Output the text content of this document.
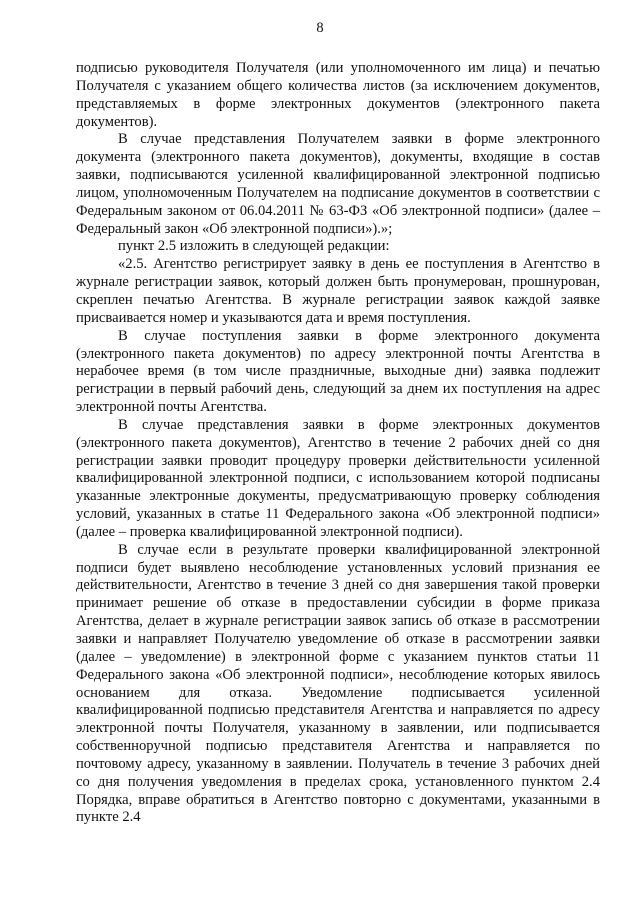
8

подписью руководителя Получателя (или уполномоченного им лица) и печатью Получателя с указанием общего количества листов (за исключением документов, представляемых в форме электронных документов (электронного пакета документов).

В случае представления Получателем заявки в форме электронного документа (электронного пакета документов), документы, входящие в состав заявки, подписываются усиленной квалифицированной электронной подписью лицом, уполномоченным Получателем на подписание документов в соответствии с Федеральным законом от 06.04.2011 № 63-ФЗ «Об электронной подписи» (далее – Федеральный закон «Об электронной подписи»).»;

пункт 2.5 изложить в следующей редакции:

«2.5. Агентство регистрирует заявку в день ее поступления в Агентство в журнале регистрации заявок, который должен быть пронумерован, прошнурован, скреплен печатью Агентства. В журнале регистрации заявок каждой заявке присваивается номер и указываются дата и время поступления.

В случае поступления заявки в форме электронного документа (электронного пакета документов) по адресу электронной почты Агентства в нерабочее время (в том числе праздничные, выходные дни) заявка подлежит регистрации в первый рабочий день, следующий за днем их поступления на адрес электронной почты Агентства.

В случае представления заявки в форме электронных документов (электронного пакета документов), Агентство в течение 2 рабочих дней со дня регистрации заявки проводит процедуру проверки действительности усиленной квалифицированной электронной подписи, с использованием которой подписаны указанные электронные документы, предусматривающую проверку соблюдения условий, указанных в статье 11 Федерального закона «Об электронной подписи» (далее – проверка квалифицированной электронной подписи).

В случае если в результате проверки квалифицированной электронной подписи будет выявлено несоблюдение установленных условий признания ее действительности, Агентство в течение 3 дней со дня завершения такой проверки принимает решение об отказе в предоставлении субсидии в форме приказа Агентства, делает в журнале регистрации заявок запись об отказе в рассмотрении заявки и направляет Получателю уведомление об отказе в рассмотрении заявки (далее – уведомление) в электронной форме с указанием пунктов статьи 11 Федерального закона «Об электронной подписи», несоблюдение которых явилось основанием для отказа. Уведомление подписывается усиленной квалифицированной подписью представителя Агентства и направляется по адресу электронной почты Получателя, указанному в заявлении, или подписывается собственноручной подписью представителя Агентства и направляется по почтовому адресу, указанному в заявлении. Получатель в течение 3 рабочих дней со дня получения уведомления в пределах срока, установленного пунктом 2.4 Порядка, вправе обратиться в Агентство повторно с документами, указанными в пункте 2.4
